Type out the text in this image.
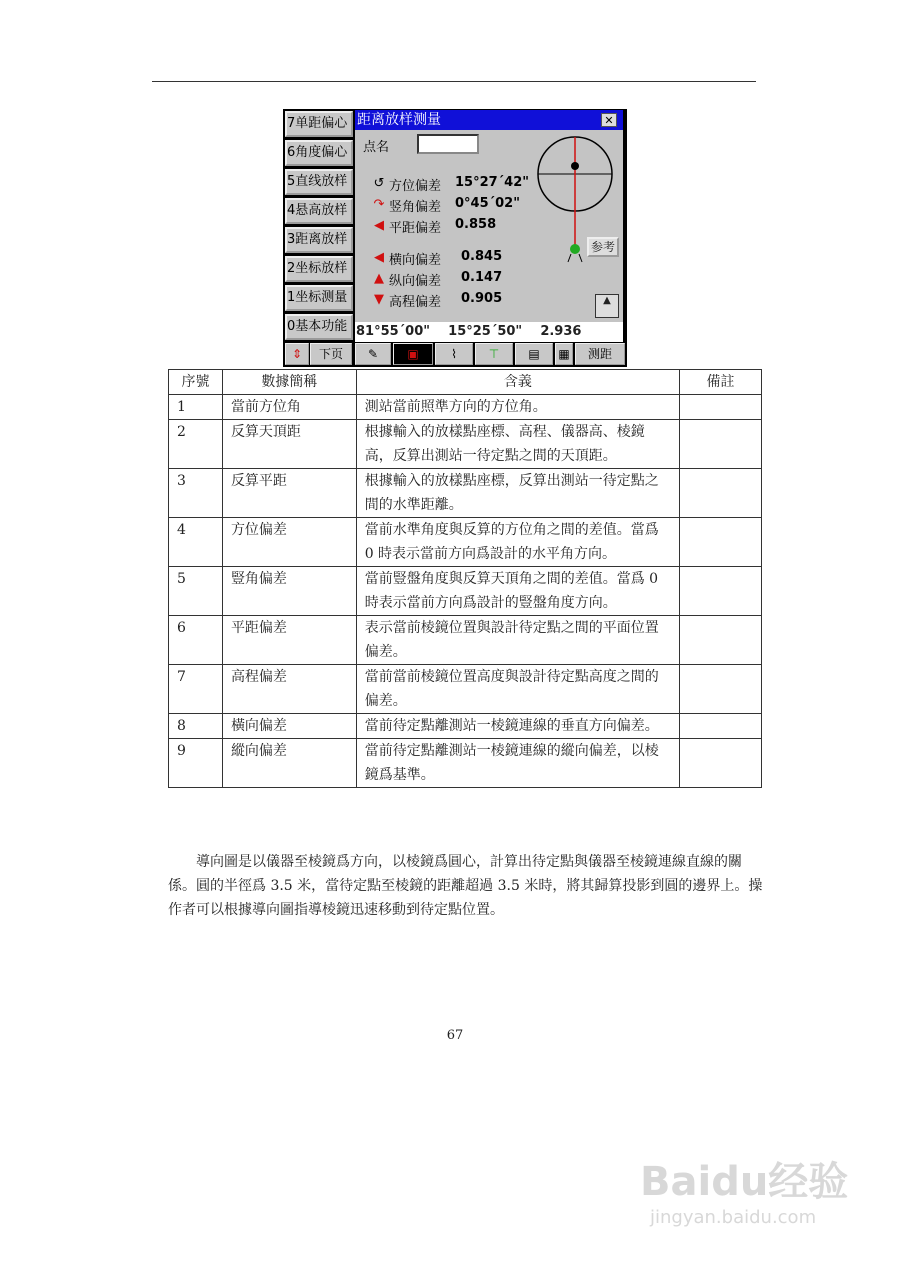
7单距偏心
6角度偏心
5直线放样
4悬高放样
3距离放样
2坐标放样
1坐标测量
0基本功能
距离放样测量	✕
点名
↺ 方位偏差 15°27´42"
↷ 竖角偏差 0°45´02"
◀ 平距偏差 0.858
◀ 横向偏差 0.845
▲ 纵向偏差 0.147
▼ 高程偏差 0.905
参考
▲
81°55´00" 15°25´50" 2.936
⇕	下页	✎	▣	⌇	⊤	▤	▦	测距
序號	數據簡稱	含義	備註
1	當前方位角	測站當前照準方向的方位角。	
2	反算天頂距	根據輸入的放樣點座標、高程、儀器高、棱鏡高，反算出測站一待定點之間的天頂距。	
3	反算平距	根據輸入的放樣點座標，反算出測站一待定點之間的水準距離。	
4	方位偏差	當前水準角度與反算的方位角之間的差值。當爲 0 時表示當前方向爲設計的水平角方向。	
5	豎角偏差	當前豎盤角度與反算天頂角之間的差值。當爲 0 時表示當前方向爲設計的豎盤角度方向。	
6	平距偏差	表示當前棱鏡位置與設計待定點之間的平面位置偏差。	
7	高程偏差	當前當前棱鏡位置高度與設計待定點高度之間的偏差。	
8	橫向偏差	當前待定點離測站一棱鏡連線的垂直方向偏差。	
9	縱向偏差	當前待定點離測站一棱鏡連線的縱向偏差，以棱鏡爲基準。	
導向圖是以儀器至棱鏡爲方向，以棱鏡爲圓心，計算出待定點與儀器至棱鏡連線直線的關係。圓的半徑爲 3.5 米，當待定點至棱鏡的距離超過 3.5 米時，將其歸算投影到圓的邊界上。操作者可以根據導向圖指導棱鏡迅速移動到待定點位置。
67
Baidu经验
jingyan.baidu.com
